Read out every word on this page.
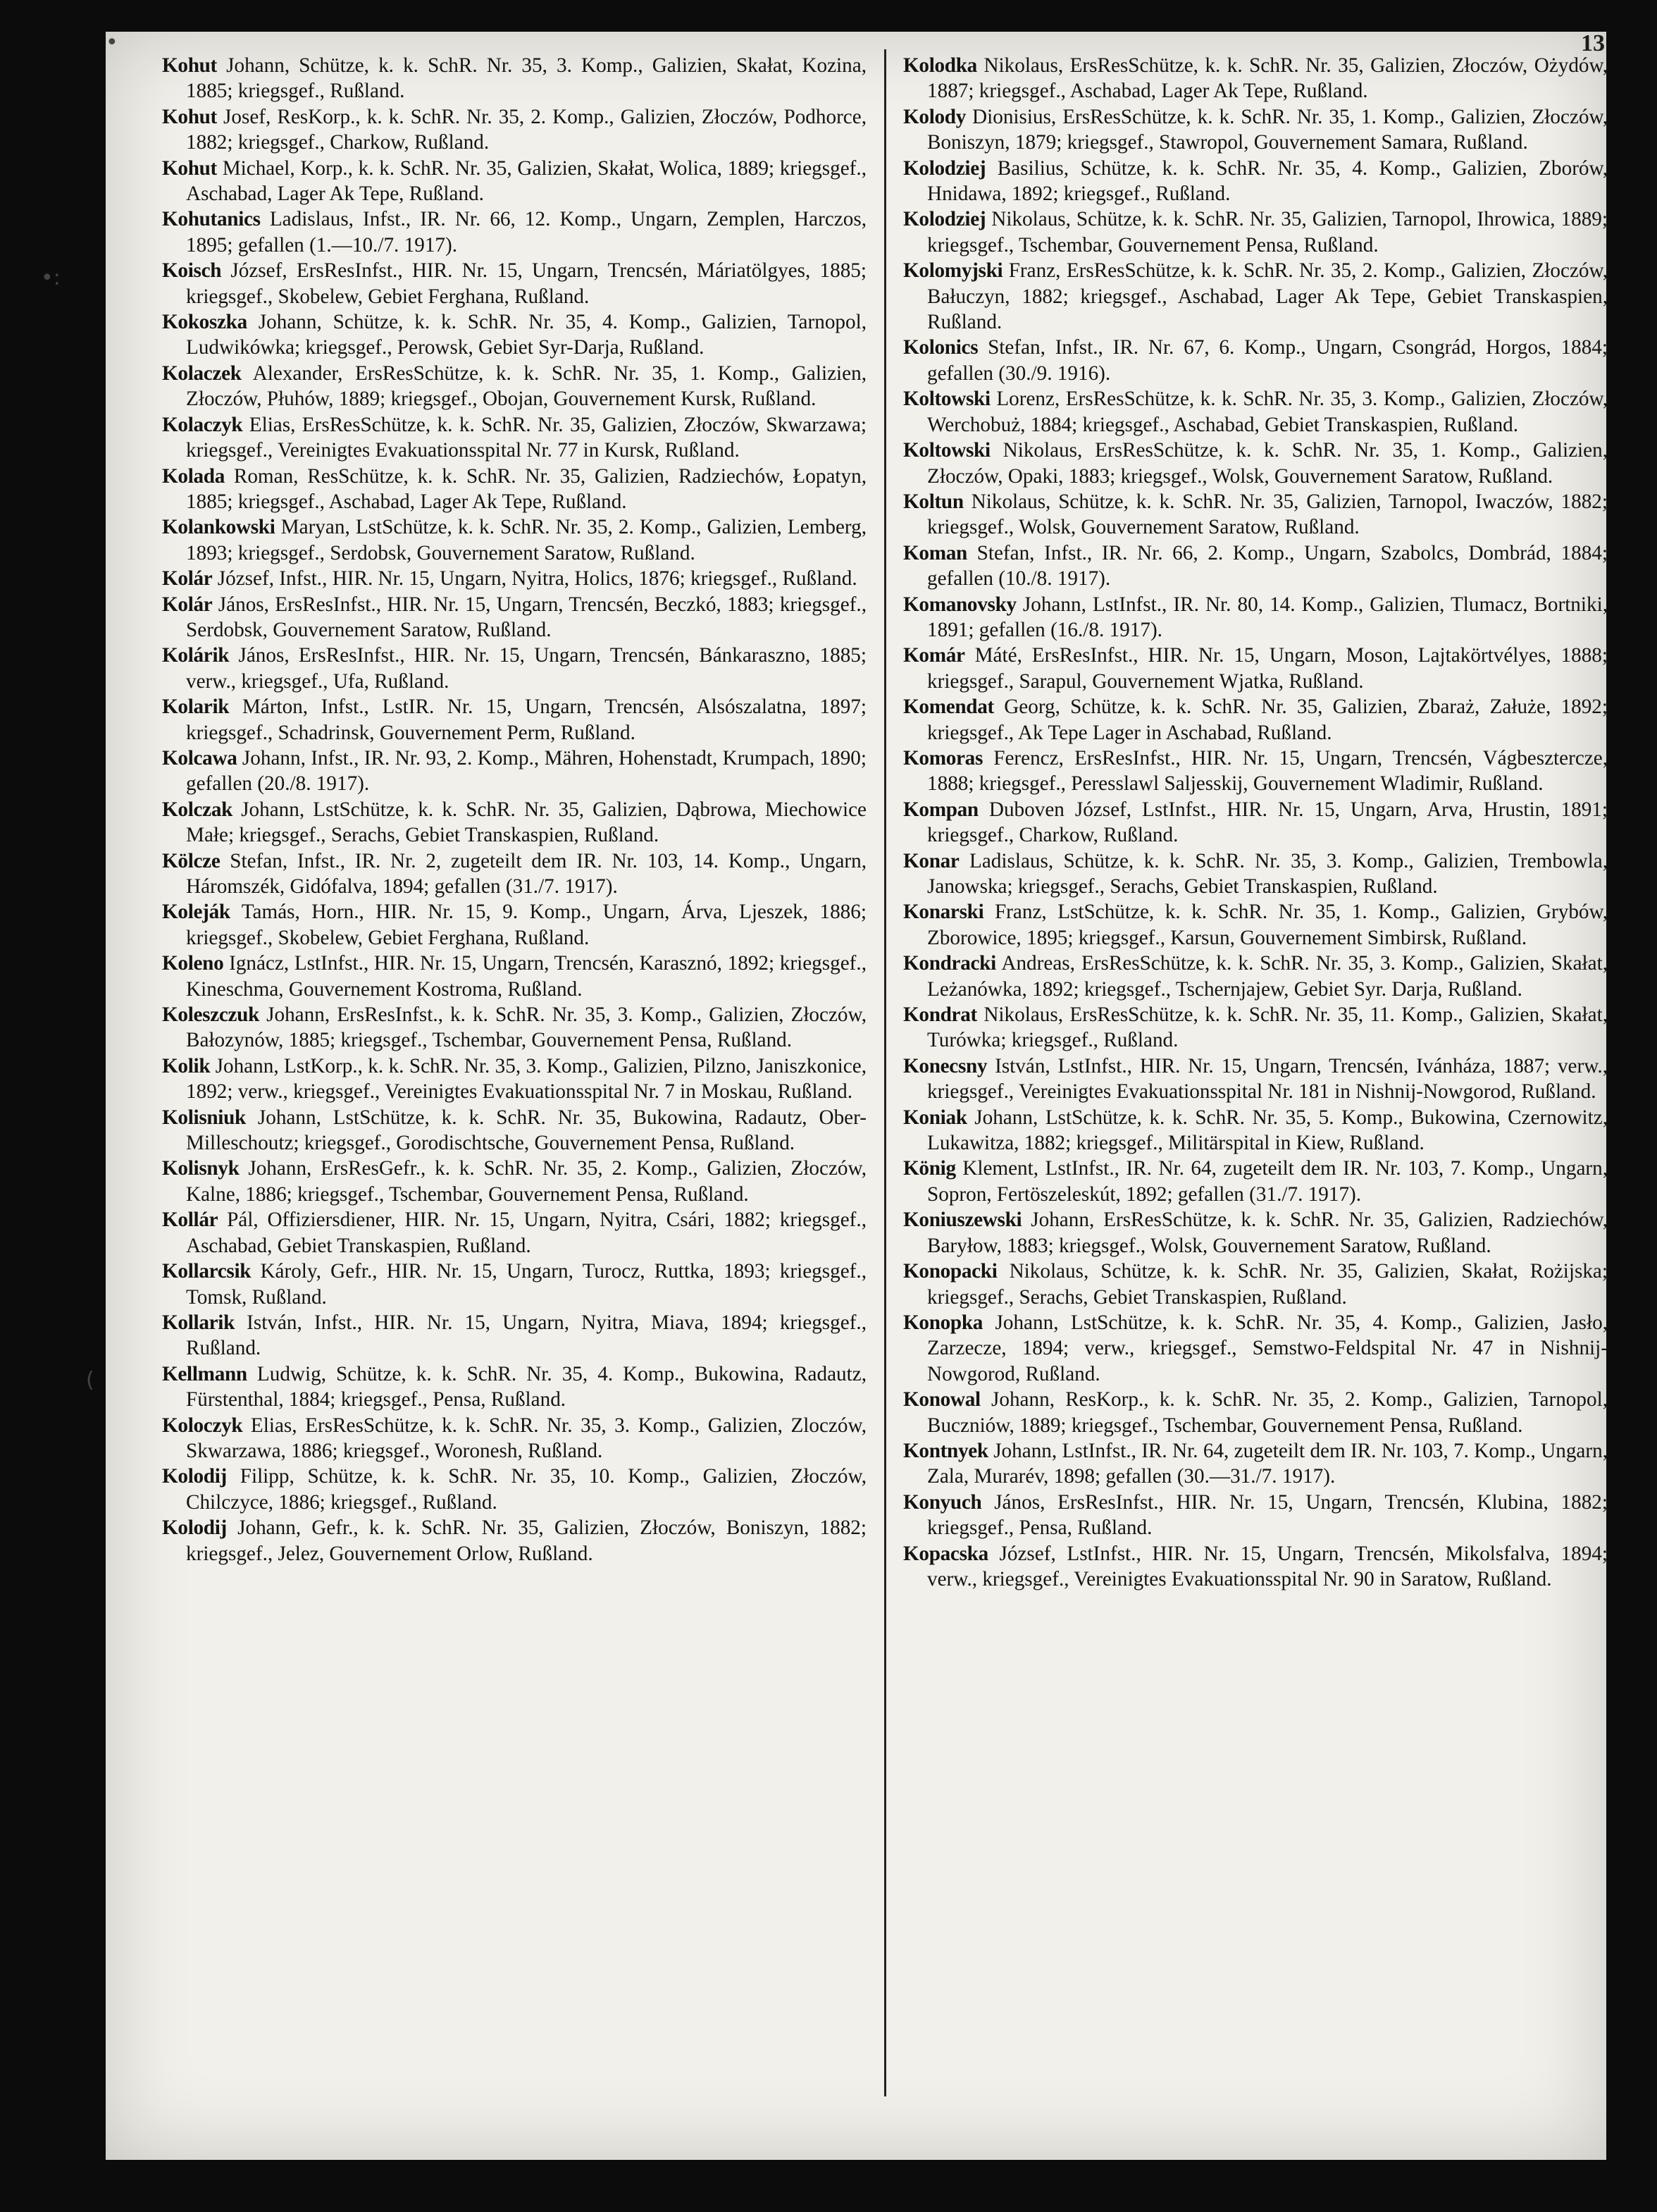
13
•:
(
•
Kohut Johann, Schütze, k. k. SchR. Nr. 35, 3. Komp., Galizien, Skałat, Kozina, 1885; kriegsgef., Rußland.
Kohut Josef, ResKorp., k. k. SchR. Nr. 35, 2. Komp., Galizien, Złoczów, Podhorce, 1882; kriegsgef., Charkow, Rußland.
Kohut Michael, Korp., k. k. SchR. Nr. 35, Galizien, Skałat, Wolica, 1889; kriegsgef., Aschabad, Lager Ak Tepe, Rußland.
Kohutanics Ladislaus, Infst., IR. Nr. 66, 12. Komp., Ungarn, Zemplen, Harczos, 1895; gefallen (1.—10./7. 1917).
Koisch József, ErsResInfst., HIR. Nr. 15, Ungarn, Trencsén, Máriatölgyes, 1885; kriegsgef., Skobelew, Gebiet Ferghana, Rußland.
Kokoszka Johann, Schütze, k. k. SchR. Nr. 35, 4. Komp., Galizien, Tarnopol, Ludwikówka; kriegsgef., Perowsk, Gebiet Syr-Darja, Rußland.
Kolaczek Alexander, ErsResSchütze, k. k. SchR. Nr. 35, 1. Komp., Galizien, Złoczów, Płuhów, 1889; kriegsgef., Obojan, Gouvernement Kursk, Rußland.
Kolaczyk Elias, ErsResSchütze, k. k. SchR. Nr. 35, Galizien, Złoczów, Skwarzawa; kriegsgef., Vereinigtes Evakuationsspital Nr. 77 in Kursk, Rußland.
Kolada Roman, ResSchütze, k. k. SchR. Nr. 35, Galizien, Radziechów, Łopatyn, 1885; kriegsgef., Aschabad, Lager Ak Tepe, Rußland.
Kolankowski Maryan, LstSchütze, k. k. SchR. Nr. 35, 2. Komp., Galizien, Lemberg, 1893; kriegsgef., Serdobsk, Gouvernement Saratow, Rußland.
Kolár József, Infst., HIR. Nr. 15, Ungarn, Nyitra, Holics, 1876; kriegsgef., Rußland.
Kolár János, ErsResInfst., HIR. Nr. 15, Ungarn, Trencsén, Beczkó, 1883; kriegsgef., Serdobsk, Gouvernement Saratow, Rußland.
Kolárik János, ErsResInfst., HIR. Nr. 15, Ungarn, Trencsén, Bánkaraszno, 1885; verw., kriegsgef., Ufa, Rußland.
Kolarik Márton, Infst., LstIR. Nr. 15, Ungarn, Trencsén, Alsószalatna, 1897; kriegsgef., Schadrinsk, Gouvernement Perm, Rußland.
Kolcawa Johann, Infst., IR. Nr. 93, 2. Komp., Mähren, Hohenstadt, Krumpach, 1890; gefallen (20./8. 1917).
Kolczak Johann, LstSchütze, k. k. SchR. Nr. 35, Galizien, Dąbrowa, Miechowice Małe; kriegsgef., Serachs, Gebiet Transkaspien, Rußland.
Kölcze Stefan, Infst., IR. Nr. 2, zugeteilt dem IR. Nr. 103, 14. Komp., Ungarn, Háromszék, Gidófalva, 1894; gefallen (31./7. 1917).
Koleják Tamás, Horn., HIR. Nr. 15, 9. Komp., Ungarn, Árva, Ljeszek, 1886; kriegsgef., Skobelew, Gebiet Ferghana, Rußland.
Koleno Ignácz, LstInfst., HIR. Nr. 15, Ungarn, Trencsén, Karasznó, 1892; kriegsgef., Kineschma, Gouvernement Kostroma, Rußland.
Koleszczuk Johann, ErsResInfst., k. k. SchR. Nr. 35, 3. Komp., Galizien, Złoczów, Bałozynów, 1885; kriegsgef., Tschembar, Gouvernement Pensa, Rußland.
Kolik Johann, LstKorp., k. k. SchR. Nr. 35, 3. Komp., Galizien, Pilzno, Janiszkonice, 1892; verw., kriegsgef., Vereinigtes Evakuationsspital Nr. 7 in Moskau, Rußland.
Kolisniuk Johann, LstSchütze, k. k. SchR. Nr. 35, Bukowina, Radautz, Ober-Milleschoutz; kriegsgef., Gorodischtsche, Gouvernement Pensa, Rußland.
Kolisnyk Johann, ErsResGefr., k. k. SchR. Nr. 35, 2. Komp., Galizien, Złoczów, Kalne, 1886; kriegsgef., Tschembar, Gouvernement Pensa, Rußland.
Kollár Pál, Offiziersdiener, HIR. Nr. 15, Ungarn, Nyitra, Csári, 1882; kriegsgef., Aschabad, Gebiet Transkaspien, Rußland.
Kollarcsik Károly, Gefr., HIR. Nr. 15, Ungarn, Turocz, Ruttka, 1893; kriegsgef., Tomsk, Rußland.
Kollarik István, Infst., HIR. Nr. 15, Ungarn, Nyitra, Miava, 1894; kriegsgef., Rußland.
Kellmann Ludwig, Schütze, k. k. SchR. Nr. 35, 4. Komp., Bukowina, Radautz, Fürstenthal, 1884; kriegsgef., Pensa, Rußland.
Koloczyk Elias, ErsResSchütze, k. k. SchR. Nr. 35, 3. Komp., Galizien, Zloczów, Skwarzawa, 1886; kriegsgef., Woronesh, Rußland.
Kolodij Filipp, Schütze, k. k. SchR. Nr. 35, 10. Komp., Galizien, Złoczów, Chilczyce, 1886; kriegsgef., Rußland.
Kolodij Johann, Gefr., k. k. SchR. Nr. 35, Galizien, Złoczów, Boniszyn, 1882; kriegsgef., Jelez, Gouvernement Orlow, Rußland.
Kolodka Nikolaus, ErsResSchütze, k. k. SchR. Nr. 35, Galizien, Złoczów, Ożydów, 1887; kriegsgef., Aschabad, Lager Ak Tepe, Rußland.
Kolody Dionisius, ErsResSchütze, k. k. SchR. Nr. 35, 1. Komp., Galizien, Złoczów, Boniszyn, 1879; kriegsgef., Stawropol, Gouvernement Samara, Rußland.
Kolodziej Basilius, Schütze, k. k. SchR. Nr. 35, 4. Komp., Galizien, Zborów, Hnidawa, 1892; kriegsgef., Rußland.
Kolodziej Nikolaus, Schütze, k. k. SchR. Nr. 35, Galizien, Tarnopol, Ihrowica, 1889; kriegsgef., Tschembar, Gouvernement Pensa, Rußland.
Kolomyjski Franz, ErsResSchütze, k. k. SchR. Nr. 35, 2. Komp., Galizien, Złoczów, Bałuczyn, 1882; kriegsgef., Aschabad, Lager Ak Tepe, Gebiet Transkaspien, Rußland.
Kolonics Stefan, Infst., IR. Nr. 67, 6. Komp., Ungarn, Csongrád, Horgos, 1884; gefallen (30./9. 1916).
Koltowski Lorenz, ErsResSchütze, k. k. SchR. Nr. 35, 3. Komp., Galizien, Złoczów, Werchobuż, 1884; kriegsgef., Aschabad, Gebiet Transkaspien, Rußland.
Koltowski Nikolaus, ErsResSchütze, k. k. SchR. Nr. 35, 1. Komp., Galizien, Złoczów, Opaki, 1883; kriegsgef., Wolsk, Gouvernement Saratow, Rußland.
Koltun Nikolaus, Schütze, k. k. SchR. Nr. 35, Galizien, Tarnopol, Iwaczów, 1882; kriegsgef., Wolsk, Gouvernement Saratow, Rußland.
Koman Stefan, Infst., IR. Nr. 66, 2. Komp., Ungarn, Szabolcs, Dombrád, 1884; gefallen (10./8. 1917).
Komanovsky Johann, LstInfst., IR. Nr. 80, 14. Komp., Galizien, Tlumacz, Bortniki, 1891; gefallen (16./8. 1917).
Komár Máté, ErsResInfst., HIR. Nr. 15, Ungarn, Moson, Lajtakörtvélyes, 1888; kriegsgef., Sarapul, Gouvernement Wjatka, Rußland.
Komendat Georg, Schütze, k. k. SchR. Nr. 35, Galizien, Zbaraż, Załuże, 1892; kriegsgef., Ak Tepe Lager in Aschabad, Rußland.
Komoras Ferencz, ErsResInfst., HIR. Nr. 15, Ungarn, Trencsén, Vágbesztercze, 1888; kriegsgef., Peresslawl Saljesskij, Gouvernement Wladimir, Rußland.
Kompan Duboven József, LstInfst., HIR. Nr. 15, Ungarn, Arva, Hrustin, 1891; kriegsgef., Charkow, Rußland.
Konar Ladislaus, Schütze, k. k. SchR. Nr. 35, 3. Komp., Galizien, Trembowla, Janowska; kriegsgef., Serachs, Gebiet Transkaspien, Rußland.
Konarski Franz, LstSchütze, k. k. SchR. Nr. 35, 1. Komp., Galizien, Grybów, Zborowice, 1895; kriegsgef., Karsun, Gouvernement Simbirsk, Rußland.
Kondracki Andreas, ErsResSchütze, k. k. SchR. Nr. 35, 3. Komp., Galizien, Skałat, Leżanówka, 1892; kriegsgef., Tschernjajew, Gebiet Syr. Darja, Rußland.
Kondrat Nikolaus, ErsResSchütze, k. k. SchR. Nr. 35, 11. Komp., Galizien, Skałat, Turówka; kriegsgef., Rußland.
Konecsny István, LstInfst., HIR. Nr. 15, Ungarn, Trencsén, Ivánháza, 1887; verw., kriegsgef., Vereinigtes Evakuationsspital Nr. 181 in Nishnij-Nowgorod, Rußland.
Koniak Johann, LstSchütze, k. k. SchR. Nr. 35, 5. Komp., Bukowina, Czernowitz, Lukawitza, 1882; kriegsgef., Militärspital in Kiew, Rußland.
König Klement, LstInfst., IR. Nr. 64, zugeteilt dem IR. Nr. 103, 7. Komp., Ungarn, Sopron, Fertöszeleskút, 1892; gefallen (31./7. 1917).
Koniuszewski Johann, ErsResSchütze, k. k. SchR. Nr. 35, Galizien, Radziechów, Baryłow, 1883; kriegsgef., Wolsk, Gouvernement Saratow, Rußland.
Konopacki Nikolaus, Schütze, k. k. SchR. Nr. 35, Galizien, Skałat, Rożijska; kriegsgef., Serachs, Gebiet Transkaspien, Rußland.
Konopka Johann, LstSchütze, k. k. SchR. Nr. 35, 4. Komp., Galizien, Jasło, Zarzecze, 1894; verw., kriegsgef., Semstwo-Feldspital Nr. 47 in Nishnij-Nowgorod, Rußland.
Konowal Johann, ResKorp., k. k. SchR. Nr. 35, 2. Komp., Galizien, Tarnopol, Buczniów, 1889; kriegsgef., Tschembar, Gouvernement Pensa, Rußland.
Kontnyek Johann, LstInfst., IR. Nr. 64, zugeteilt dem IR. Nr. 103, 7. Komp., Ungarn, Zala, Murarév, 1898; gefallen (30.—31./7. 1917).
Konyuch János, ErsResInfst., HIR. Nr. 15, Ungarn, Trencsén, Klubina, 1882; kriegsgef., Pensa, Rußland.
Kopacska József, LstInfst., HIR. Nr. 15, Ungarn, Trencsén, Mikolsfalva, 1894; verw., kriegsgef., Vereinigtes Evakuationsspital Nr. 90 in Saratow, Rußland.
